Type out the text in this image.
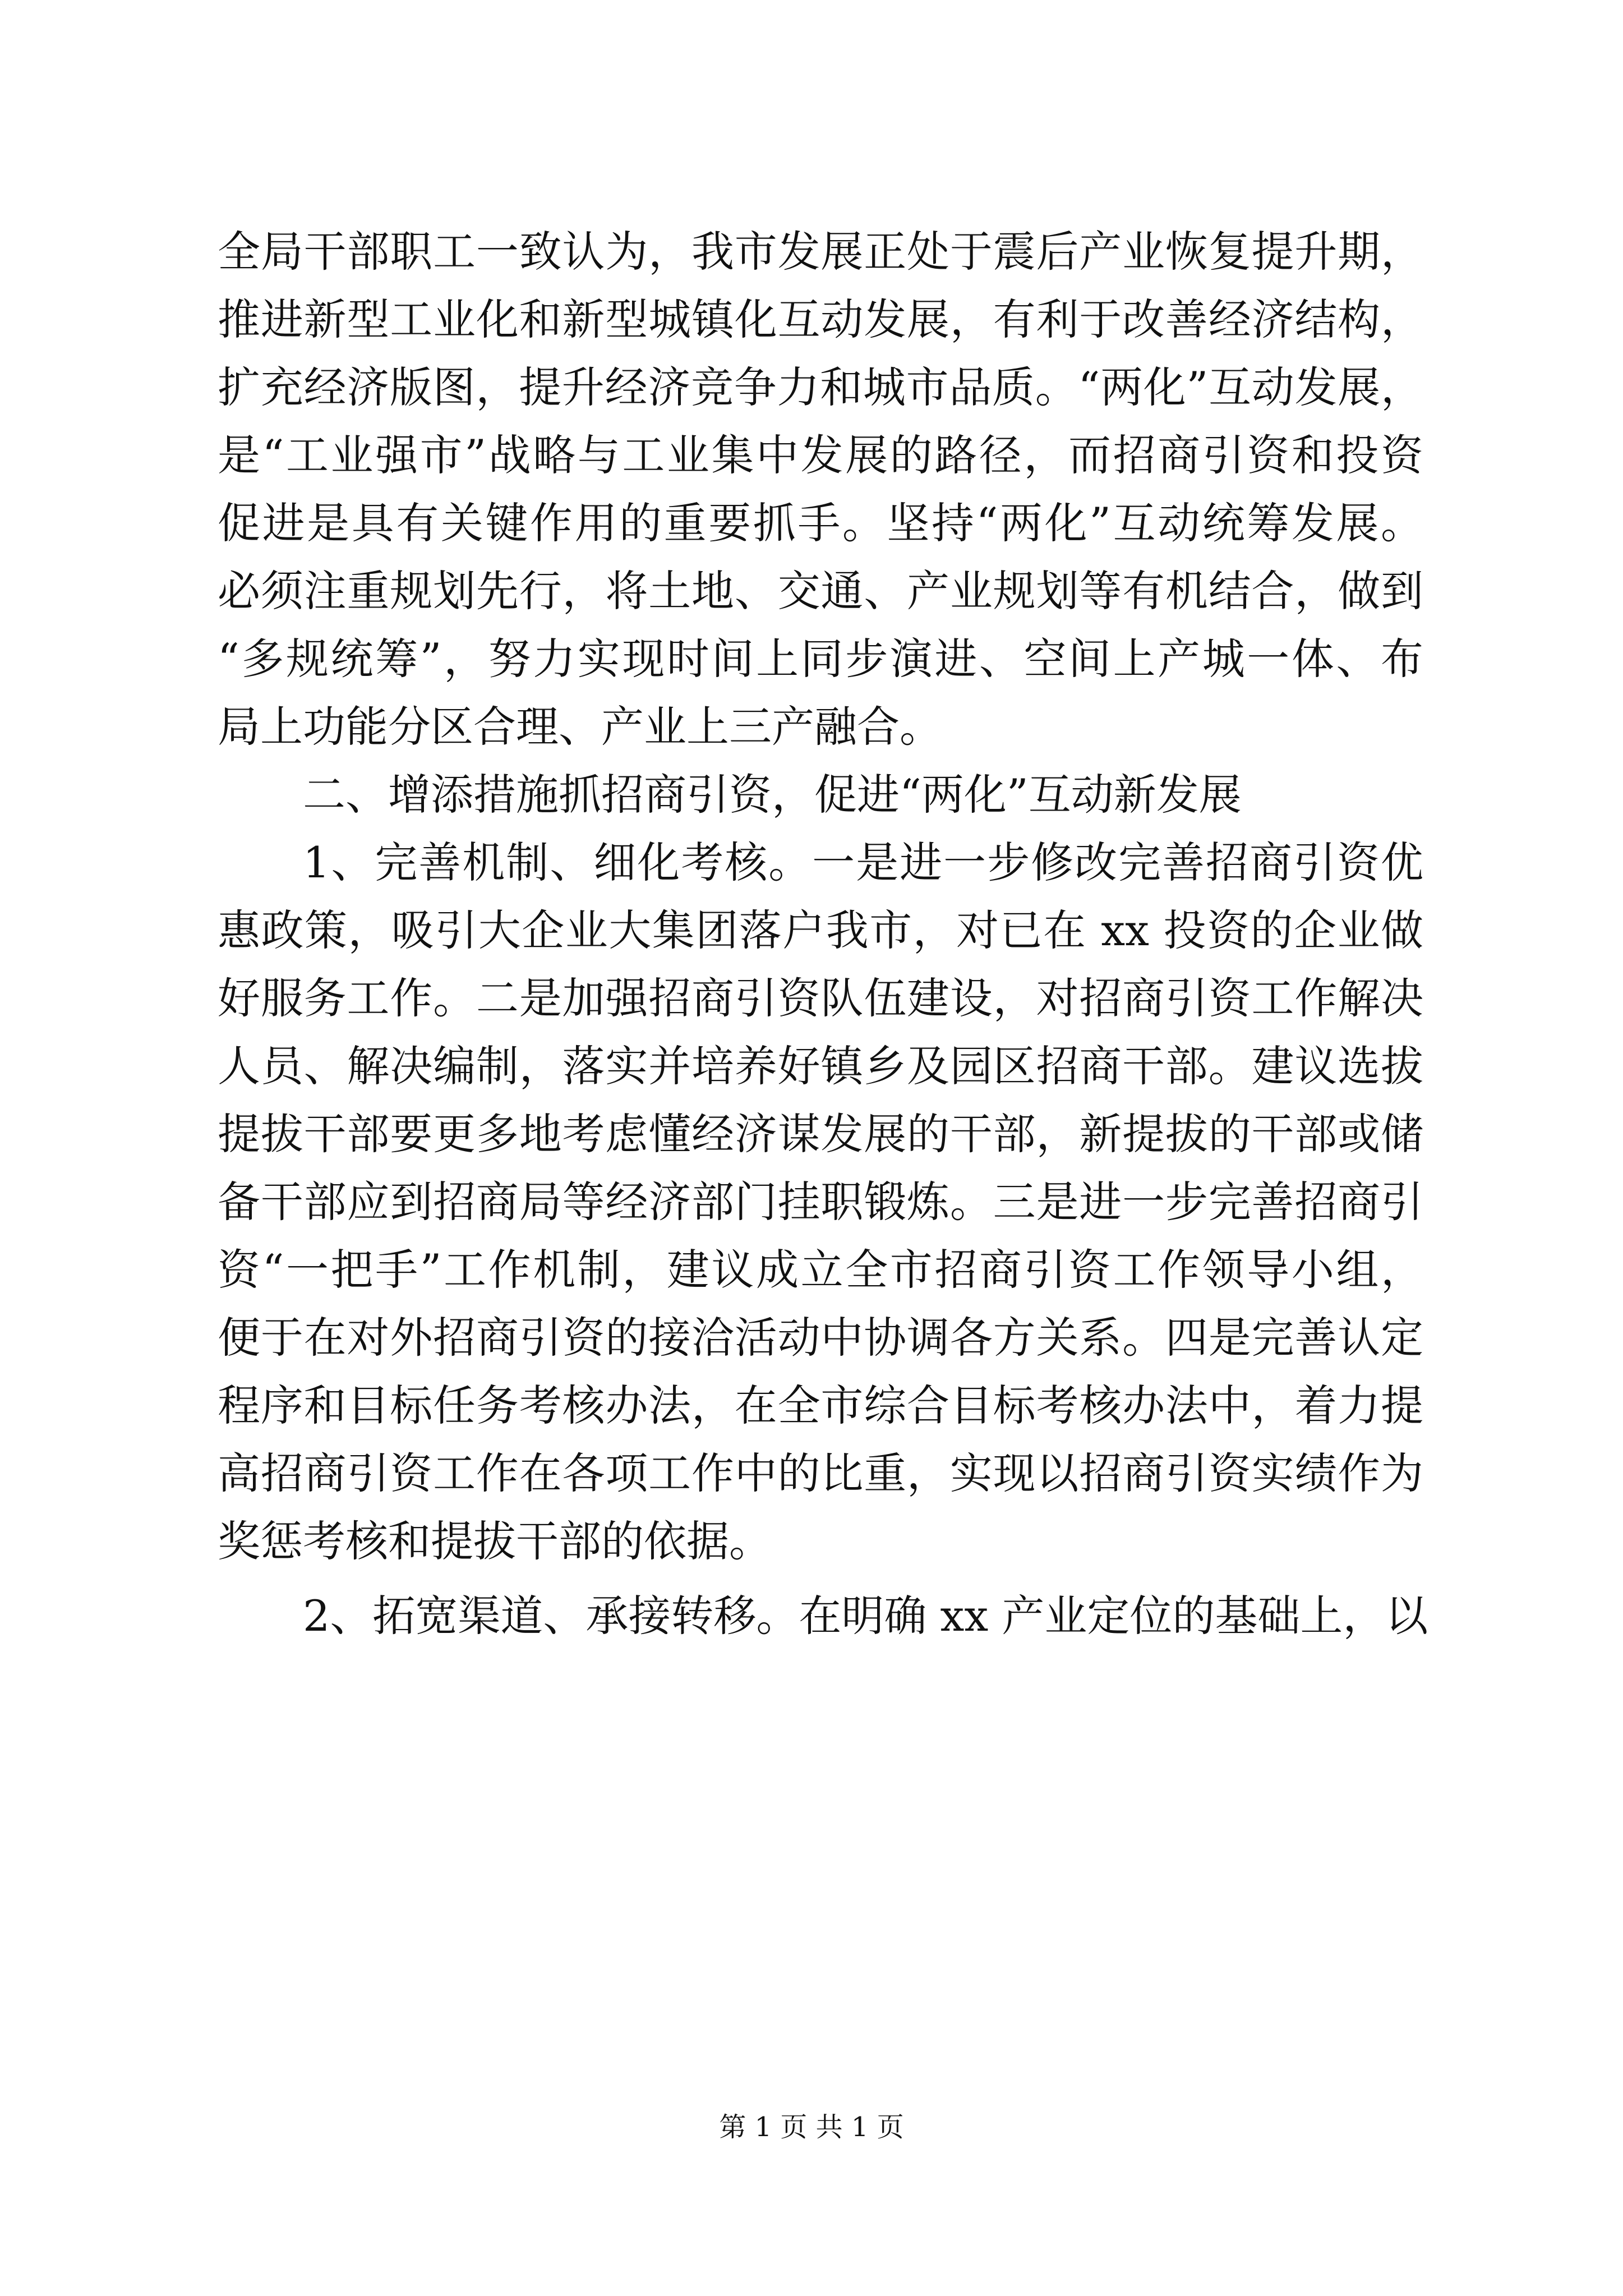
全局干部职工一致认为，我市发展正处于震后产业恢复提升期，
推进新型工业化和新型城镇化互动发展，有利于改善经济结构，
扩充经济版图，提升经济竞争力和城市品质。“两化”互动发展，
是“工业强市”战略与工业集中发展的路径，而招商引资和投资
促进是具有关键作用的重要抓手。坚持“两化”互动统筹发展。
必须注重规划先行，将土地、交通、产业规划等有机结合，做到
“多规统筹”，努力实现时间上同步演进、空间上产城一体、布
局上功能分区合理、产业上三产融合。
二、增添措施抓招商引资，促进“两化”互动新发展
1、完善机制、细化考核。一是进一步修改完善招商引资优
惠政策，吸引大企业大集团落户我市，对已在 xx 投资的企业做
好服务工作。二是加强招商引资队伍建设，对招商引资工作解决
人员、解决编制，落实并培养好镇乡及园区招商干部。建议选拔
提拔干部要更多地考虑懂经济谋发展的干部，新提拔的干部或储
备干部应到招商局等经济部门挂职锻炼。三是进一步完善招商引
资“一把手”工作机制，建议成立全市招商引资工作领导小组，
便于在对外招商引资的接洽活动中协调各方关系。四是完善认定
程序和目标任务考核办法，在全市综合目标考核办法中，着力提
高招商引资工作在各项工作中的比重，实现以招商引资实绩作为
奖惩考核和提拔干部的依据。
2、拓宽渠道、承接转移。在明确 xx 产业定位的基础上，以
第 1 页 共 1 页
